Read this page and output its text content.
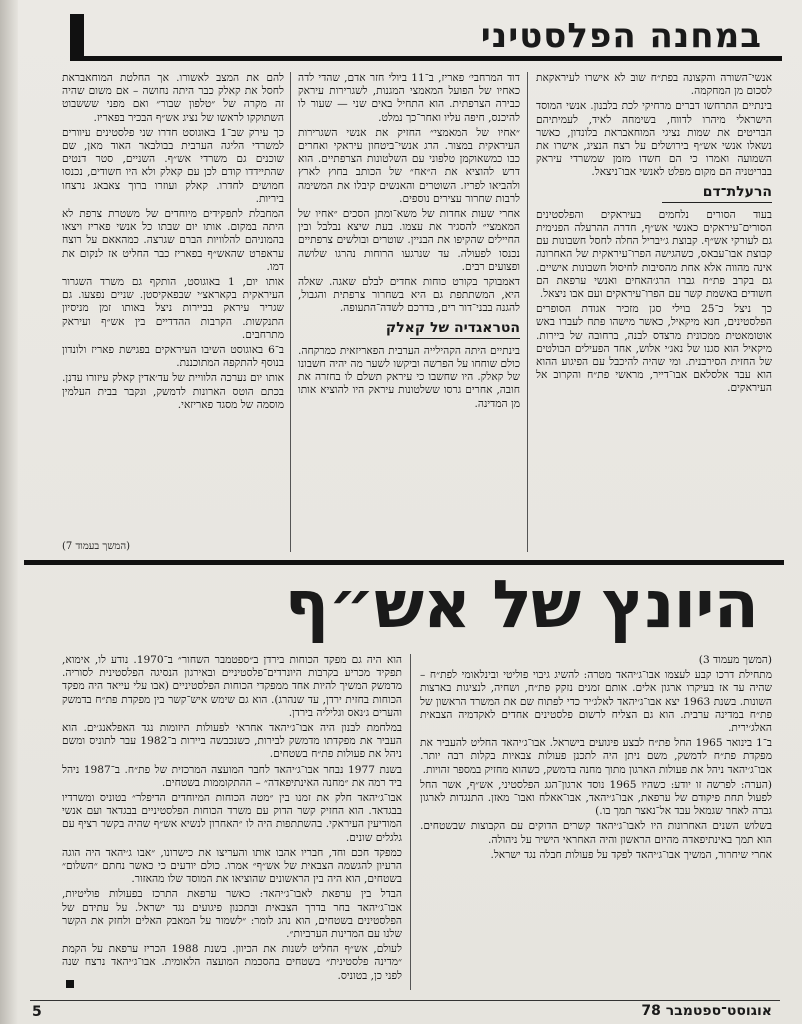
במחנה הפלסטיני

אנשי־השורה והקצונה בפת״ח שוב לא אישרו לעיראקאת לסכום מן המחקמה.

בינתיים התרחשו דברים מרחיקי לכת בלבנון. אנשי המוסד הישראלי מיהרו לדווח, בשימחה לאיד, לעמיתיהם הבריטים את שמות נציגי המוחאבראת בלונדון, כאשר נשאלו אנשי אש״ף בירושלים על רצח הנציג, אישרו את השמועה ואמרו כי הם חשדו מזמן שמשרדי עיראק בבריטניה הם מקום מפלט לאנשי אבו־ניצאל.

הרעלת־דם

בעוד הסורים נלחמים בעיראקים והפלסטינים הסורים־עיראקים כאנשי אש״ף, חדרה ההרעלה הפנימית גם לעורקי אש״ף. קבוצת ג׳יבריל החלה לחסל חשבונות עם קבוצת אבו־עבאס, כשהגישה הפרו־עיראקית של האחרונה אינה מהווה אלא אחת מהסיבות לחיסול חשבונות אישיים. גם בקרב פת״ח גברו הרג׳האחים ואנשי ערפאת הם חשודים באשמת קשר עם הפרו־עיראקים ועם אבו ניצאל.

כך ניצל כ־25 בוילי סגן מזכיר אגודת הסופרים הפלסטינים, חנא מיקאיל, כאשר מישהו פתח לעברו באש אוטומאטית ממכונית מרצדס לבנה, ברחובה של ביירות. מיקאיל הוא סגנו של נאג׳י אלוש, אחד הפעילים הבולטים של החזית הסירבנית. ומי שהיה להיכבל עם הפיגוע ההוא הוא עבד אלסלאם אבו־דייר, מראשי פת״ח והקרוב אל העיראקים.

דוד המרחבי׳ פאריז, ב־11 ביולי חזר אדם, שהדי לדה כאחיו של הפועל המאמצי המגנות, לשגרירות עיראק כבירה הצרפתית. הוא התחיל באים שני — שעור לו להיכנס, חיפה עליו ואחר־כך נמלט.

״אחיו של המאמצי״ החזיק את אנשי השגרירות העיראקית במצור. הרג אנשי־ביטחון עיראקי ואחרים כבו כמשאוקמן טלפוני עם השלטונות הצרפתיים. הוא דרש להוציא את ה״אח״ של הכותב בחוץ לארץ ולהביאו לפריז. השוטרים והאנשים קיבלו את המשימה לרבות שחרור עצירים נוספים.

אחרי שעות אחדות של משא־ומתן הסכים ״אחיו של המאמצי״ להסגיר את עצמו. בעת שיצא נבלבל ובין החיילים שהקיפו את הבניין. שוטרים ובולשים צרפתיים נכנסו לפעולה. עד שנרגעו הרוחות נהרגו שלושה ופצועים רבים.

דאמבוקר בקורט כוחות אחדים לבלם שאגה. שאלה היא, המשתתפת גם היא בשחרור צרפתית והגבול, להגנה בבני־דור רים, בדרכם לשדה־התעופה.

הטראגדיה של קאלק

בינתיים היתה הקהילייה הערבית הפאריזאית כמרקחה. כולם שוחחו על הפרשה וביקשו לשער מה יהיה חשבונו של קאלק. היו שחשבו כי עיראק תשלם לו בחזרה את חובה, אחרים גרסו ששלטונות עיראק היו להוציא אותו מן המדינה.

להם את המצב לאשורו. אך החלטת המוחאבראת לחסל את קאלק כבר היתה נחושה – אם משום שהיה זה מקרה של ״טלפון שבור״ ואם מפני שששבוט השתוקקו לראשו של נציג אש״ף הבכיר בפאריז.

כך עירק שב־1 באוגוסט חדרו שני פלסטינים עיוורים למשרדי הליגה הערבית בבולבאר האוד מאן, שם שוכנים גם משרדי אש״ף. השניים, סטר דנטים שהתיידדו קודם לכן עם קאלק ולא היו חשודים, נכנסו חמושים לחדרו. קאלק ועוזרו ברוך צאבאג נרצחו ביריות.

המחבלת לתפקידים מיוחדים של משטרת צרפת לא היתה במקום. אותו יום שבתו כל אנשי פאריז ויצאו בהמוניהם להלוויות הברם שגרצה. כמהאאם על רוצח עראפרט שהאש״ף בפאריז כבר החליט אז לנקום את דמו.

אותו יום, 1 באוגוסט, הותקף גם משרד השגרור העיראקית בקאראצ׳י שבפאקיסטן. שניים נפצעו. גם שגריר עיראק בביירות ניצל באותו זמן מניסיון התנקשות. הקרבות ההדדיים בין אש״ף ועיראק מתרחבים.

ב־6 באוגוסט השיבו העיראקים בפגישת פאריז ולונדון בנוסף להתקפה המתוכננת.

אותו יום נערכה הלוויית של עד׳אדין קאלק עיזורו עדנן. בכתם הוטס הארונות לדמשק, ונקבר בבית העלמין מוסמה של מסגד פאריזאי.

(המשך בעמוד 7)
היונץ של אש״ף

(המשך מעמוד 3)

מתחילת דרכו קבע לעצמו אבו־ג׳יהאד מטרה: להשיג גיבוי פוליטי ובינלאומי לפת״ח – שהיה עד אז בעיקרו ארגון אלים. אותם זמנים נזקק פת״ח, ושחיה, לנציגות בארצות השונות. בשנת 1963 יצא אבו־ג׳יהאד לאלג׳יר כדי לפתוח שם את המשרד הראשון של פת״ח במדינה ערבית. הוא גם הצליח לרשום פלסטינים אחדים לאקדמיה הצבאית האלג׳ירית.

ב־1 בינואר 1965 החל פת״ח לבצע פיגועים בישראל. אבו־ג׳יהאד החליט להעביר את מפקדת פת״ח לדמשק, משם ניתן היה לתכנן פעולות צבאיות בקלות רבה יותר. אבו־ג׳יהאד ניהל את פעולות הארגון מתוך מחנה בדמשק, כשהוא מחזיק במספר זהויות.

(הערה: לפרשה זו יודע: כשהיו 1965 נוסד ארגון־הגג הפלסטיני, אש״ף, אשר החל לפעול תחת פיקודם של ערפאת, אבו־ג׳יהאד, אבו־אאלח ואבו־ מאזן. התנגדות לארגון גברה לאחר שגמאל עבד אל־נאצר תמך בו.)

בשלוש השנים האחרונות היו לאבו־ג׳יהאד קשרים הדוקים עם הקבוצות שבשטחים. הוא תמך באינתיפאדה מהיום הראשון והיה האחראי הישיר על ניהולה.

אחרי שיחרור, המשיך אבו־ג׳יהאד לפקד על פעולות חבלה נגד ישראל.

הוא היה גם מפקד הכוחות בירדן ב״ספטמבר השחור״ ב־1970. נודע לו, אימוא, תפקיד מכריע בקרבות היונרדים־פלסטיניים ובאירגון הנסיגה הפלסטינית לסוריה. מדמשק המשיך להיות אחד ממפקדי הכוחות הפלסטיניים (אבו עלי עייאד היה מפקד הכוחות בחזית ירדן, עד שנהרג). הוא גם שימש איש־קשר בין מפקדת פת״ח בדמשק והערים ג׳נאס וגליליה בירדן.

במלחמת לבנון היה אבו־ג׳יהאד אחראי לפעולות היזומות נגד האפלאנג׳ים. הוא העביר את מפקדתו מדמשק לבירות, כשנכבשה ביירות ב־1982 עבר לתוניס ומשם ניהל את פעולות פת״ח בשטחים.

בשנת 1977 נבחר אבו־ג׳יהאד לחבר המועצה המרכזית של פת״ח. ב־1987 ניהל ביד רמה את ״מחנה האינתיפאדה״ – ההתקוממות בשטחים.

אבו־ג׳יהאד חלק את זמנו בין ״מטה הכוחות המיוחדים הדיפלר״ בטוניס ומשרדיו בבגדאד. הוא החזיק קשר הדוק עם משרד הכוחות הפלסטיניים בבגדאד ועם אנשי המודיעין העיראקי. בהשתתפות היה לו ״האחרון לנשיא אש״ף שהיה בקשר רציף עם גלגלים שונים.

כמפקד חכם וחד, חבריו אהבו אותו והעריצו את כישרונו, ״אבו ג׳יהאד היה הוגה הרעיון להגשמה הצבאית של אש״ף״ אמרו. כולם יודעים כי כאשר נחתם ״השלום״ בשטחים, הוא היה בין הראשונים שהוציאו את המוסד שלו מהאזור.

הבדל בין ערפאת לאבו־ג׳יהאד: כאשר ערפאת התרכז בפעולות פוליטיות, אבו־ג׳יהאד בחר בדרך הצבאית ובתכנון פיגועים נגד ישראל. על עתידם של הפלסטינים בשטחים, הוא נהג לומר: ״לשמור על המאבק האלים ולחזק את הקשר שלנו עם המדינות הערביות״.

לעולם, אש״ף החליט לשנות את הכיוון. בשנת 1988 הכריז ערפאת על הקמת ״מדינה פלסטינית״ בשטחים בהסכמת המועצה הלאומית. אבו־ג׳יהאד נרצח שנה לפני כן, בטוניס.

5	אוגוסט־ספטמבר 78
